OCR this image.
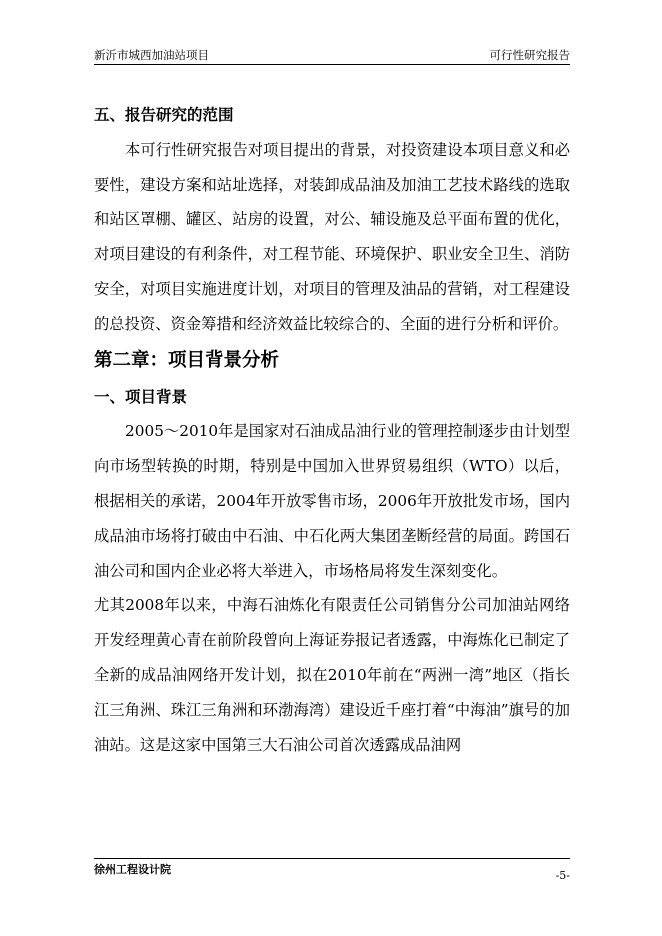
新沂市城西加油站项目	可行性研究报告

五、报告研究的范围

本可行性研究报告对项目提出的背景，对投资建设本项目意义和必要性，建设方案和站址选择，对装卸成品油及加油工艺技术路线的选取和站区罩棚、罐区、站房的设置，对公、辅设施及总平面布置的优化，对项目建设的有利条件，对工程节能、环境保护、职业安全卫生、消防安全，对项目实施进度计划，对项目的管理及油品的营销，对工程建设的总投资、资金筹措和经济效益比较综合的、全面的进行分析和评价。

第二章：项目背景分析

一、项目背景

2005～2010年是国家对石油成品油行业的管理控制逐步由计划型向市场型转换的时期，特别是中国加入世界贸易组织（WTO）以后，根据相关的承诺，2004年开放零售市场，2006年开放批发市场，国内成品油市场将打破由中石油、中石化两大集团垄断经营的局面。跨国石油公司和国内企业必将大举进入，市场格局将发生深刻变化。

尤其2008年以来，中海石油炼化有限责任公司销售分公司加油站网络开发经理黄心青在前阶段曾向上海证券报记者透露，中海炼化已制定了全新的成品油网络开发计划，拟在2010年前在“两洲一湾”地区（指长江三角洲、珠江三角洲和环渤海湾）建设近千座打着“中海油”旗号的加油站。这是这家中国第三大石油公司首次透露成品油网

徐州工程设计院	-5-
